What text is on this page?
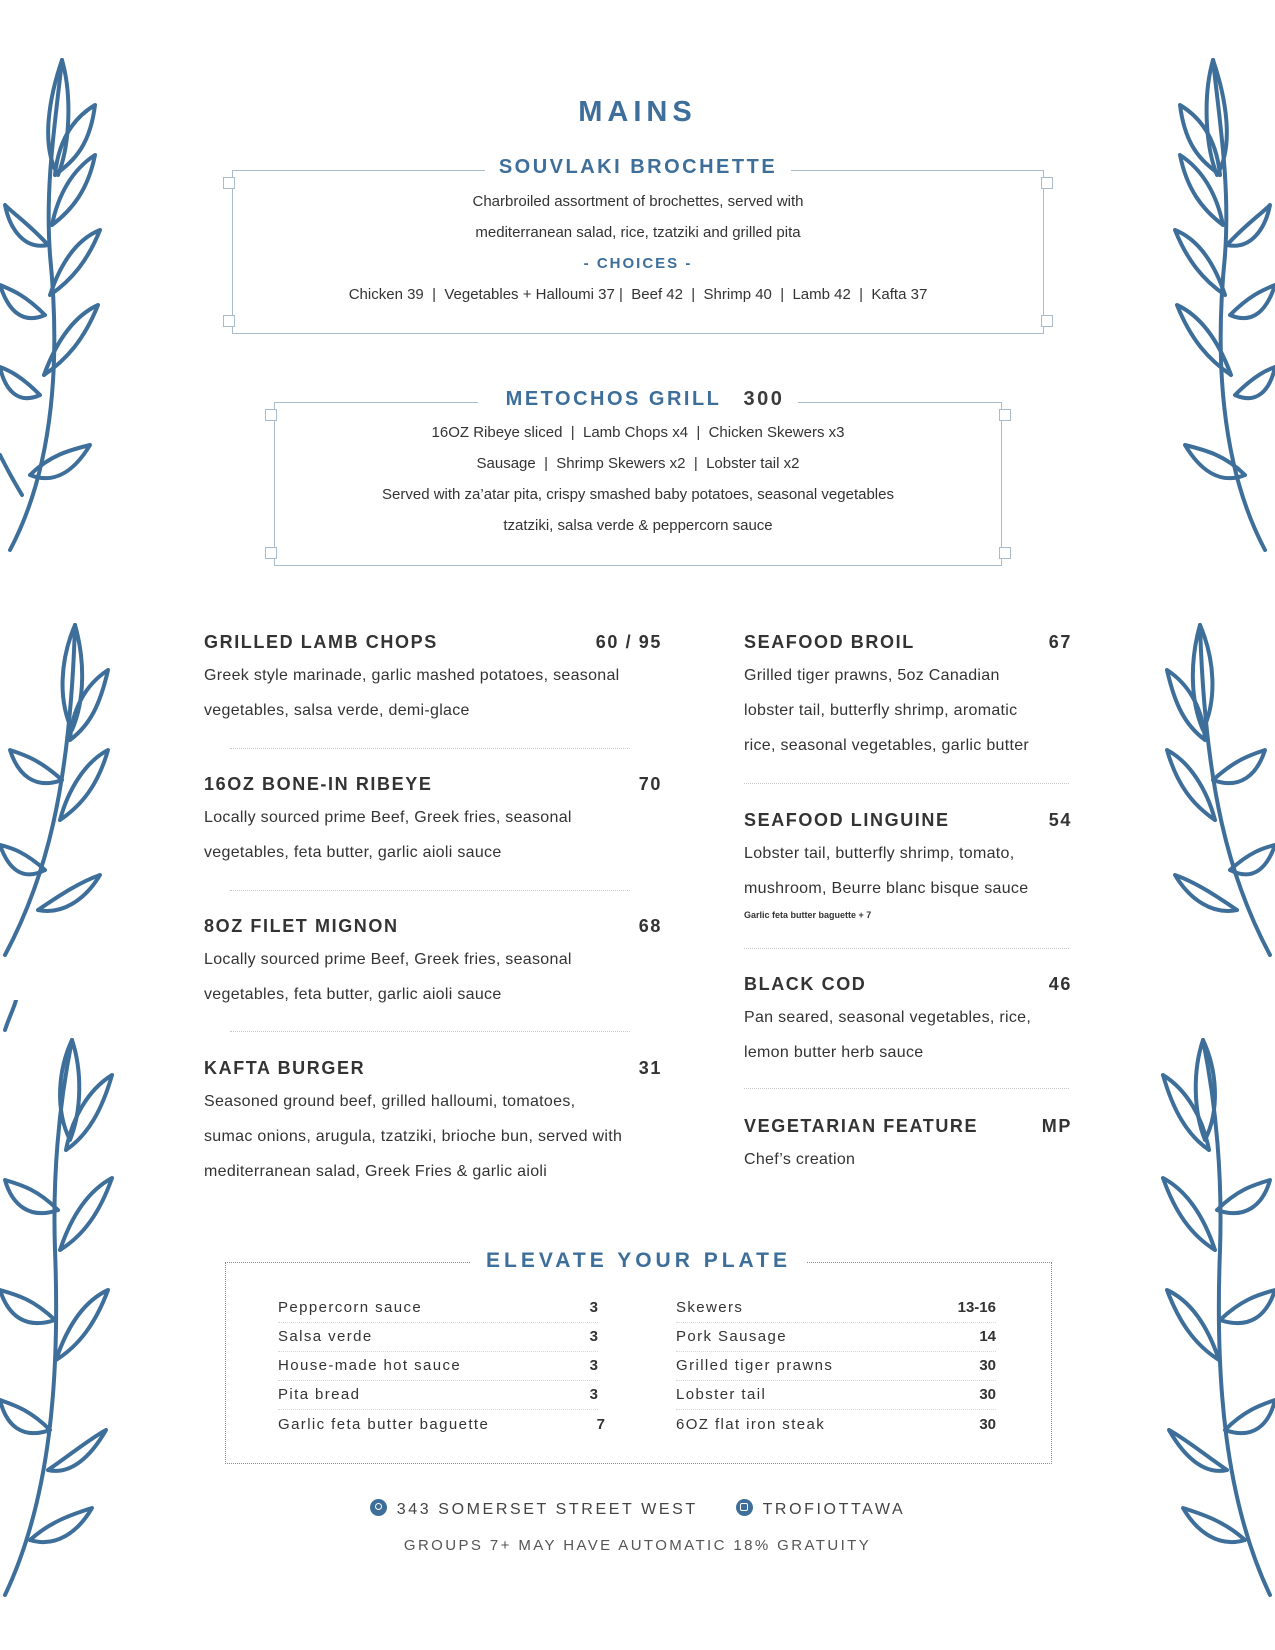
MAINS
SOUVLAKI BROCHETTE
Charbroiled assortment of brochettes, served with
mediterranean salad, rice, tzatziki and grilled pita
- CHOICES -
Chicken 39  |  Vegetables + Halloumi 37 |  Beef 42  |  Shrimp 40  |  Lamb 42  |  Kafta 37
METOCHOS GRILL 300
16OZ Ribeye sliced  |  Lamb Chops x4  |  Chicken Skewers x3
Sausage  |  Shrimp Skewers x2  |  Lobster tail x2
Served with za’atar pita, crispy smashed baby potatoes, seasonal vegetables
tzatziki, salsa verde & peppercorn sauce
GRILLED LAMB CHOPS	60 / 95
Greek style marinade, garlic mashed potatoes, seasonal
vegetables, salsa verde, demi-glace
16OZ BONE-IN RIBEYE	70
Locally sourced prime Beef, Greek fries, seasonal
vegetables, feta butter, garlic aioli sauce
8OZ FILET MIGNON	68
Locally sourced prime Beef, Greek fries, seasonal
vegetables, feta butter, garlic aioli sauce
KAFTA BURGER	31
Seasoned ground beef, grilled halloumi, tomatoes,
sumac onions, arugula, tzatziki, brioche bun, served with
mediterranean salad, Greek Fries & garlic aioli
SEAFOOD BROIL	67
Grilled tiger prawns, 5oz Canadian
lobster tail, butterfly shrimp, aromatic
rice, seasonal vegetables, garlic butter
SEAFOOD LINGUINE	54
Lobster tail, butterfly shrimp, tomato,
mushroom, Beurre blanc bisque sauce
Garlic feta butter baguette + 7
BLACK COD	46
Pan seared, seasonal vegetables, rice,
lemon butter herb sauce
VEGETARIAN FEATURE	MP
Chef’s creation
ELEVATE YOUR PLATE
Peppercorn sauce	3
Salsa verde	3
House-made hot sauce	3
Pita bread	3
Garlic feta butter baguette	7
Skewers	13-16
Pork Sausage	14
Grilled tiger prawns	30
Lobster tail	30
6OZ flat iron steak	30
343 SOMERSET STREET WEST	TROFIOTTAWA
GROUPS 7+ MAY HAVE AUTOMATIC 18% GRATUITY
